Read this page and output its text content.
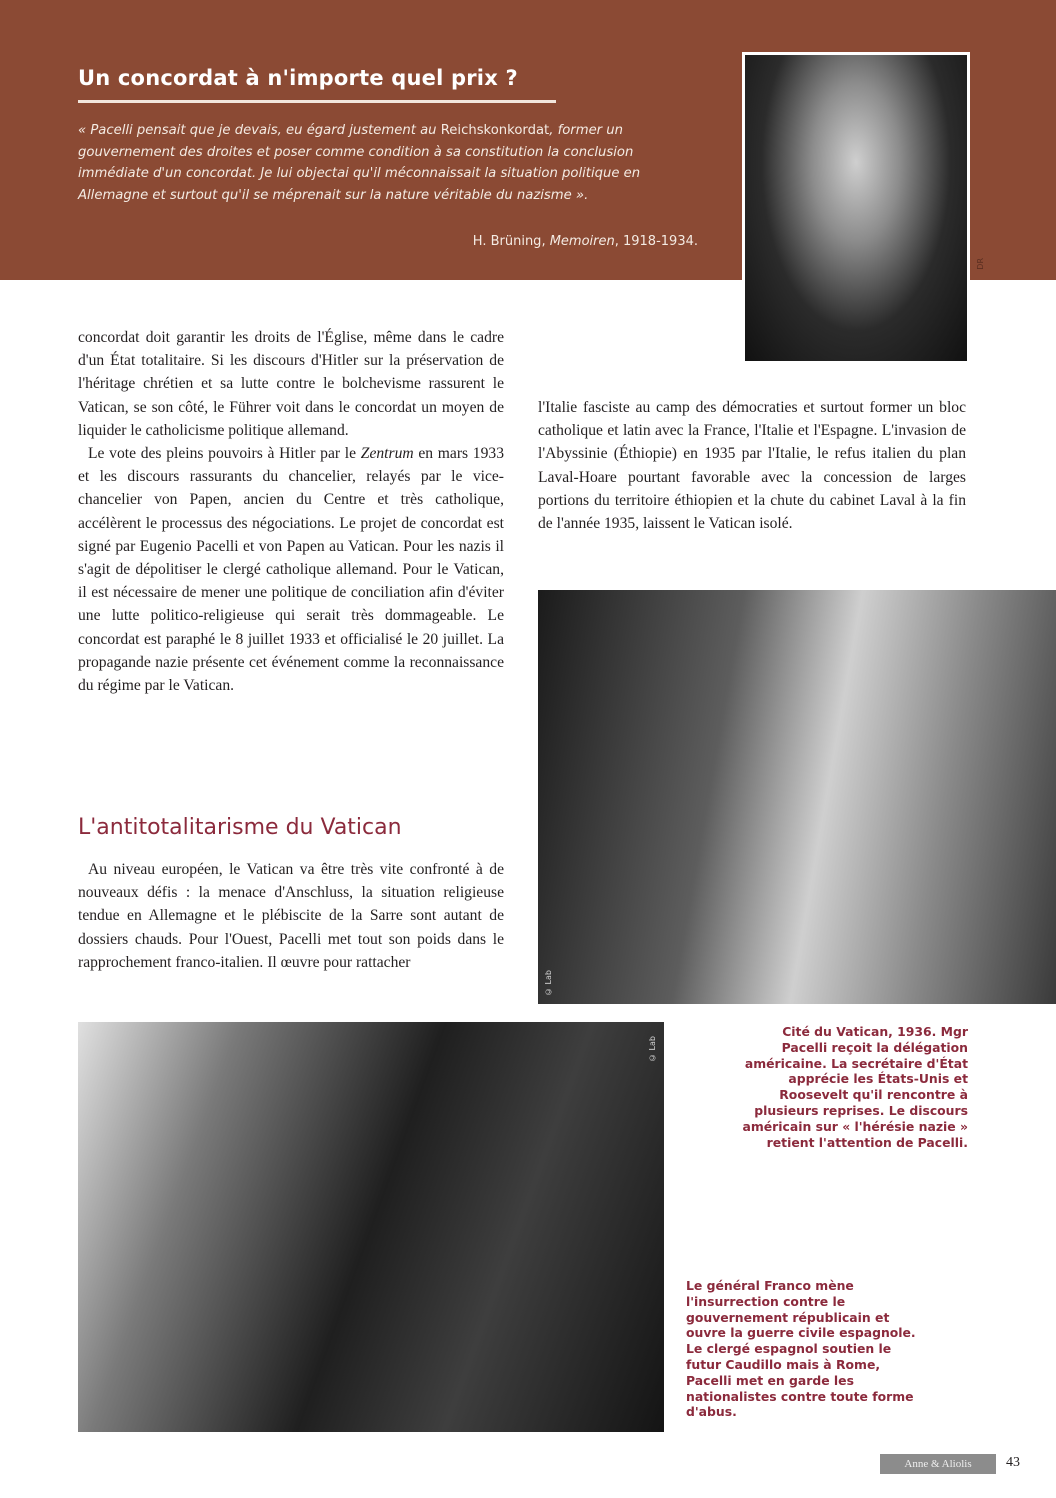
Un concordat à n'importe quel prix ?

« Pacelli pensait que je devais, eu égard justement au Reichskonkordat, former un gouvernement des droites et poser comme condition à sa constitution la conclusion immédiate d'un concordat. Je lui objectai qu'il méconnaissait la situation politique en Allemagne et surtout qu'il se méprenait sur la nature véritable du nazisme ».

H. Brüning, Memoiren, 1918-1934.

DR

concordat doit garantir les droits de l'Église, même dans le cadre d'un État totalitaire. Si les discours d'Hitler sur la préservation de l'héritage chrétien et sa lutte contre le bolchevisme rassurent le Vatican, se son côté, le Führer voit dans le concordat un moyen de liquider le catholicisme politique allemand.

Le vote des pleins pouvoirs à Hitler par le Zentrum en mars 1933 et les discours rassurants du chancelier, relayés par le vice-chancelier von Papen, ancien du Centre et très catholique, accélèrent le processus des négociations. Le projet de concordat est signé par Eugenio Pacelli et von Papen au Vatican. Pour les nazis il s'agit de dépolitiser le clergé catholique allemand. Pour le Vatican, il est nécessaire de mener une politique de conciliation afin d'éviter une lutte politico-religieuse qui serait très dommageable. Le concordat est paraphé le 8 juillet 1933 et officialisé le 20 juillet. La propagande nazie présente cet événement comme la reconnaissance du régime par le Vatican.

l'Italie fasciste au camp des démocraties et surtout former un bloc catholique et latin avec la France, l'Italie et l'Espagne. L'invasion de l'Abyssinie (Éthiopie) en 1935 par l'Italie, le refus italien du plan Laval-Hoare pourtant favorable avec la concession de larges portions du territoire éthiopien et la chute du cabinet Laval à la fin de l'année 1935, laissent le Vatican isolé.

L'antitotalitarisme du Vatican

Au niveau européen, le Vatican va être très vite confronté à de nouveaux défis : la menace d'Anschluss, la situation religieuse tendue en Allemagne et le plébiscite de la Sarre sont autant de dossiers chauds. Pour l'Ouest, Pacelli met tout son poids dans le rapprochement franco-italien. Il œuvre pour rattacher

© Lab

Cité du Vatican, 1936. Mgr Pacelli reçoit la délégation américaine. La secrétaire d'État apprécie les États-Unis et Roosevelt qu'il rencontre à plusieurs reprises. Le discours américain sur « l'hérésie nazie » retient l'attention de Pacelli.

© Lab

Le général Franco mène l'insurrection contre le gouvernement républicain et ouvre la guerre civile espagnole. Le clergé espagnol soutien le futur Caudillo mais à Rome, Pacelli met en garde les nationalistes contre toute forme d'abus.

Anne & Aliolis	43
